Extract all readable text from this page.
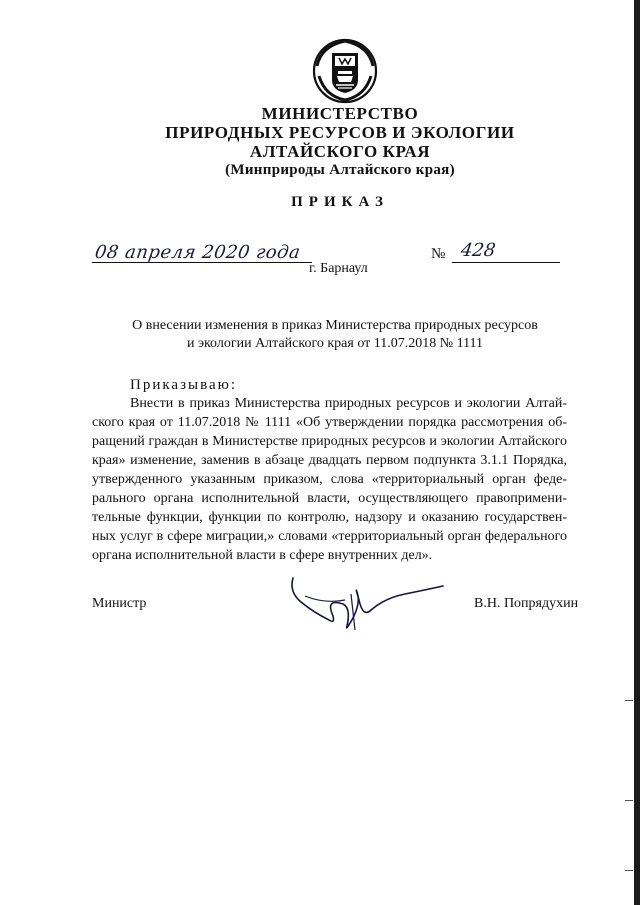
МИНИСТЕРСТВО
ПРИРОДНЫХ РЕСУРСОВ И ЭКОЛОГИИ
АЛТАЙСКОГО КРАЯ
(Минприроды Алтайского края)
ПРИКАЗ
08 апреля 2020 года	№ 428
г. Барнаул
О внесении изменения в приказ Министерства природных ресурсов
и экологии Алтайского края от 11.07.2018 № 1111
Приказываю:
Внести в приказ Министерства природных ресурсов и экологии Алтай-
ского края от 11.07.2018 № 1111 «Об утверждении порядка рассмотрения об-
ращений граждан в Министерстве природных ресурсов и экологии Алтайского
края» изменение, заменив в абзаце двадцать первом подпункта 3.1.1 Порядка,
утвержденного указанным приказом, слова «территориальный орган феде-
рального органа исполнительной власти, осуществляющего правопримени-
тельные функции, функции по контролю, надзору и оказанию государствен-
ных услуг в сфере миграции,» словами «территориальный орган федерального
органа исполнительной власти в сфере внутренних дел».
Министр	В.Н. Попрядухин
